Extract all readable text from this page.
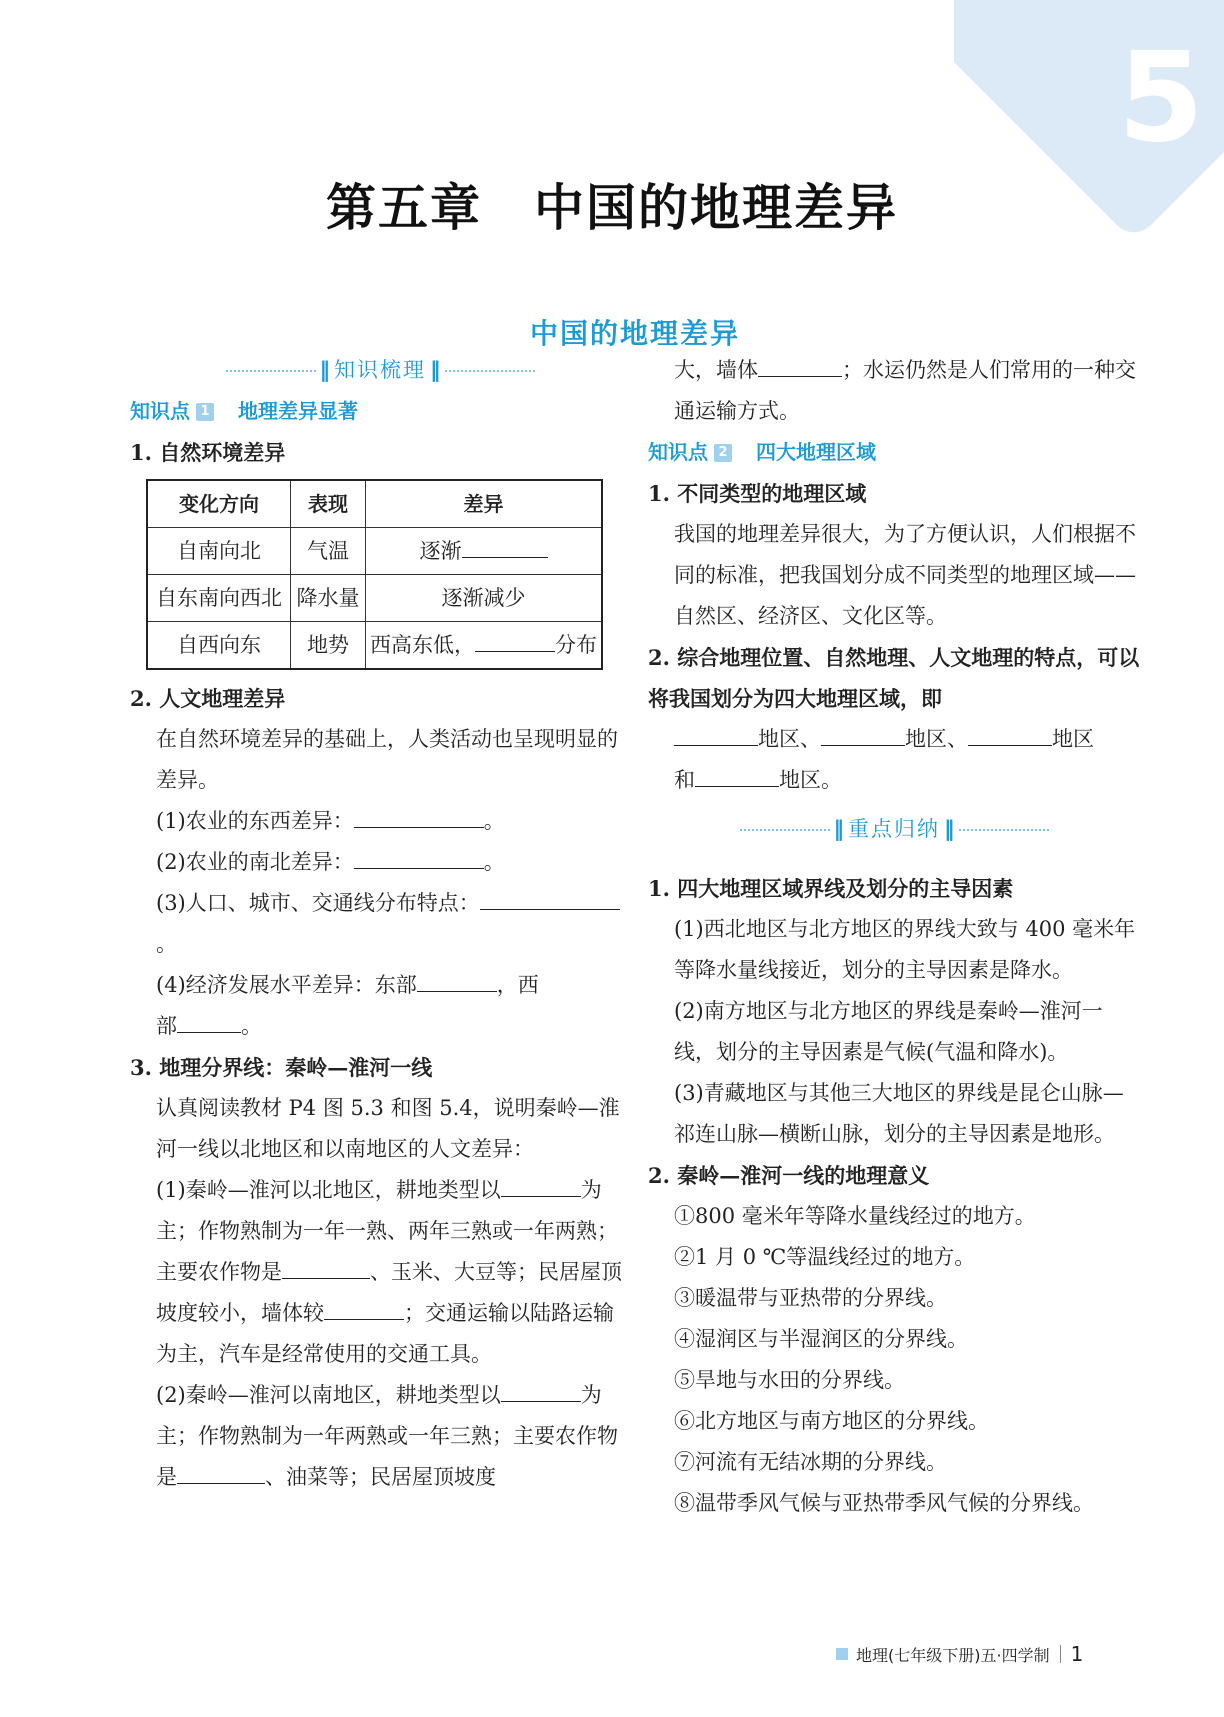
5
第五章　中国的地理差异
中国的地理差异
‖ 知识梳理 ‖
知识点 1 地理差异显著

1. 自然环境差异

变化方向	表现	差异
自南向北	气温	逐渐
自东南向西北	降水量	逐渐减少
自西向东	地势	西高东低， 分布

2. 人文地理差异

在自然环境差异的基础上，人类活动也呈现明显的差异。

(1)农业的东西差异：	。

(2)农业的南北差异：	。

(3)人口、城市、交通线分布特点：。

(4)经济发展水平差异：东部	，西
部	。

3. 地理分界线：秦岭—淮河一线

认真阅读教材 P4 图 5.3 和图 5.4，说明秦岭—淮河一线以北地区和以南地区的人文差异：

(1)秦岭—淮河以北地区，耕地类型以	为主；作物熟制为一年一熟、两年三熟或一年两熟；主要农作物是	、玉米、大豆等；民居屋顶坡度较小，墙体较	；交通运输以陆路运输为主，汽车是经常使用的交通工具。

(2)秦岭—淮河以南地区，耕地类型以	为主；作物熟制为一年两熟或一年三熟；主要农作物是	、油菜等；民居屋顶坡度

大，墙体	；水运仍然是人们常用的一种交通运输方式。

知识点 2 四大地理区域

1. 不同类型的地理区域

我国的地理差异很大，为了方便认识，人们根据不同的标准，把我国划分成不同类型的地理区域——自然区、经济区、文化区等。

2. 综合地理位置、自然地理、人文地理的特点，可以将我国划分为四大地理区域，即

地区、	地区、	地区
和	地区。

‖ 重点归纳 ‖

1. 四大地理区域界线及划分的主导因素

(1)西北地区与北方地区的界线大致与 400 毫米年等降水量线接近，划分的主导因素是降水。

(2)南方地区与北方地区的界线是秦岭—淮河一线，划分的主导因素是气候(气温和降水)。

(3)青藏地区与其他三大地区的界线是昆仑山脉—祁连山脉—横断山脉，划分的主导因素是地形。

2. 秦岭—淮河一线的地理意义

①800 毫米年等降水量线经过的地方。

②1 月 0 ℃等温线经过的地方。

③暖温带与亚热带的分界线。

④湿润区与半湿润区的分界线。

⑤旱地与水田的分界线。

⑥北方地区与南方地区的分界线。

⑦河流有无结冰期的分界线。

⑧温带季风气候与亚热带季风气候的分界线。

地理(七年级下册)五·四学制 1
